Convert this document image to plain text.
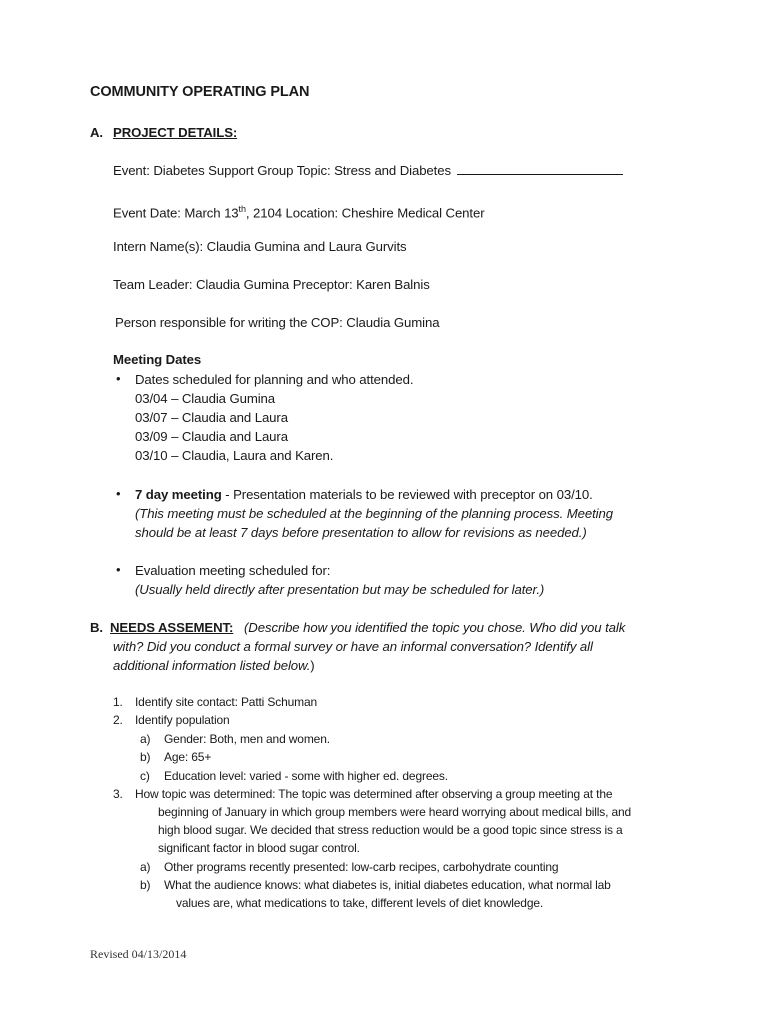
COMMUNITY OPERATING PLAN
A. PROJECT DETAILS:
Event: Diabetes Support Group Topic: Stress and Diabetes
Event Date: March 13th, 2104 Location: Cheshire Medical Center
Intern Name(s): Claudia Gumina and Laura Gurvits
Team Leader: Claudia Gumina Preceptor: Karen Balnis
Person responsible for writing the COP: Claudia Gumina
Meeting Dates
• Dates scheduled for planning and who attended.
03/04 – Claudia Gumina
03/07 – Claudia and Laura
03/09 – Claudia and Laura
03/10 – Claudia, Laura and Karen.
• 7 day meeting - Presentation materials to be reviewed with preceptor on 03/10.
(This meeting must be scheduled at the beginning of the planning process. Meeting
should be at least 7 days before presentation to allow for revisions as needed.)
• Evaluation meeting scheduled for:
(Usually held directly after presentation but may be scheduled for later.)
B. NEEDS ASSEMENT: (Describe how you identified the topic you chose. Who did you talk
with? Did you conduct a formal survey or have an informal conversation? Identify all
additional information listed below.)
1. Identify site contact: Patti Schuman
2. Identify population
a) Gender: Both, men and women.
b) Age: 65+
c) Education level: varied - some with higher ed. degrees.
3. How topic was determined: The topic was determined after observing a group meeting at the
beginning of January in which group members were heard worrying about medical bills, and
high blood sugar. We decided that stress reduction would be a good topic since stress is a
significant factor in blood sugar control.
a) Other programs recently presented: low-carb recipes, carbohydrate counting
b) What the audience knows: what diabetes is, initial diabetes education, what normal lab
values are, what medications to take, different levels of diet knowledge.
Revised 04/13/2014
